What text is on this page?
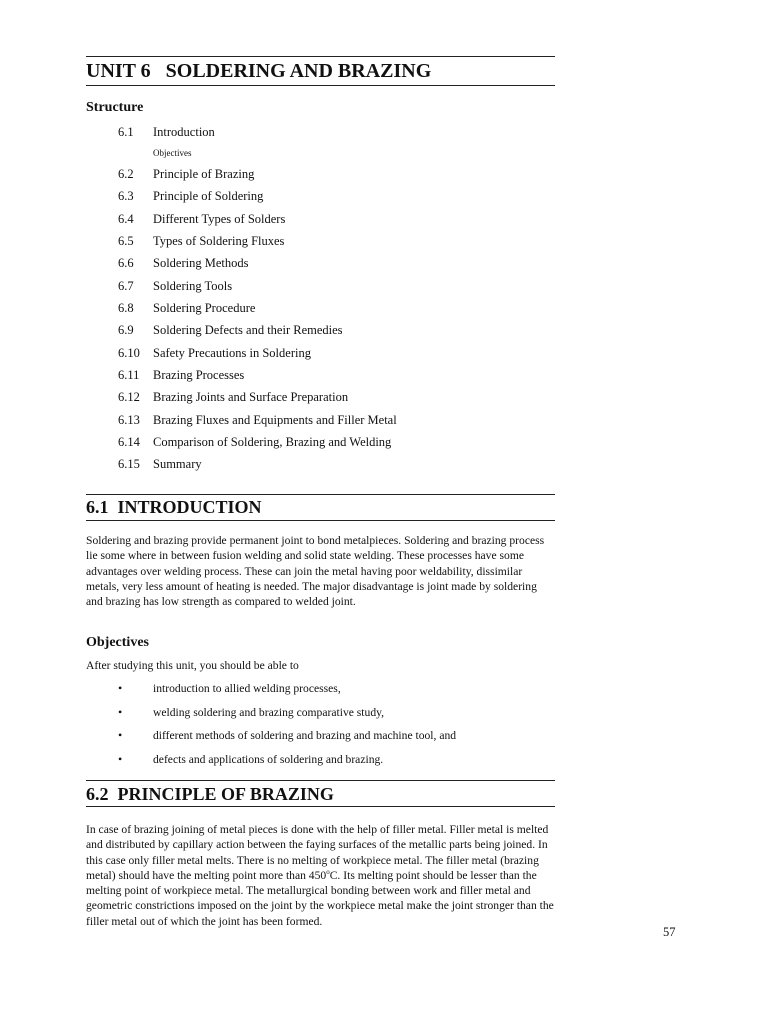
UNIT 6   SOLDERING AND BRAZING
Structure
6.1 Introduction
Objectives
6.2 Principle of Brazing
6.3 Principle of Soldering
6.4 Different Types of Solders
6.5 Types of Soldering Fluxes
6.6 Soldering Methods
6.7 Soldering Tools
6.8 Soldering Procedure
6.9 Soldering Defects and their Remedies
6.10 Safety Precautions in Soldering
6.11 Brazing Processes
6.12 Brazing Joints and Surface Preparation
6.13 Brazing Fluxes and Equipments and Filler Metal
6.14 Comparison of Soldering, Brazing and Welding
6.15 Summary
6.1  INTRODUCTION

Soldering and brazing provide permanent joint to bond metalpieces. Soldering and brazing process lie some where in between fusion welding and solid state welding. These processes have some advantages over welding process. These can join the metal having poor weldability, dissimilar metals, very less amount of heating is needed. The major disadvantage is joint made by soldering and brazing has low strength as compared to welded joint.

Objectives

After studying this unit, you should be able to

•	introduction to allied welding processes,
•	welding soldering and brazing comparative study,
•	different methods of soldering and brazing and machine tool, and
•	defects and applications of soldering and brazing.
6.2  PRINCIPLE OF BRAZING

In case of brazing joining of metal pieces is done with the help of filler metal. Filler metal is melted and distributed by capillary action between the faying surfaces of the metallic parts being joined. In this case only filler metal melts. There is no melting of workpiece metal. The filler metal (brazing metal) should have the melting point more than 450$^o$C. Its melting point should be lesser than the melting point of workpiece metal. The metallurgical bonding between work and filler metal and geometric constrictions imposed on the joint by the workpiece metal make the joint stronger than the filler metal out of which the joint has been formed.

57
